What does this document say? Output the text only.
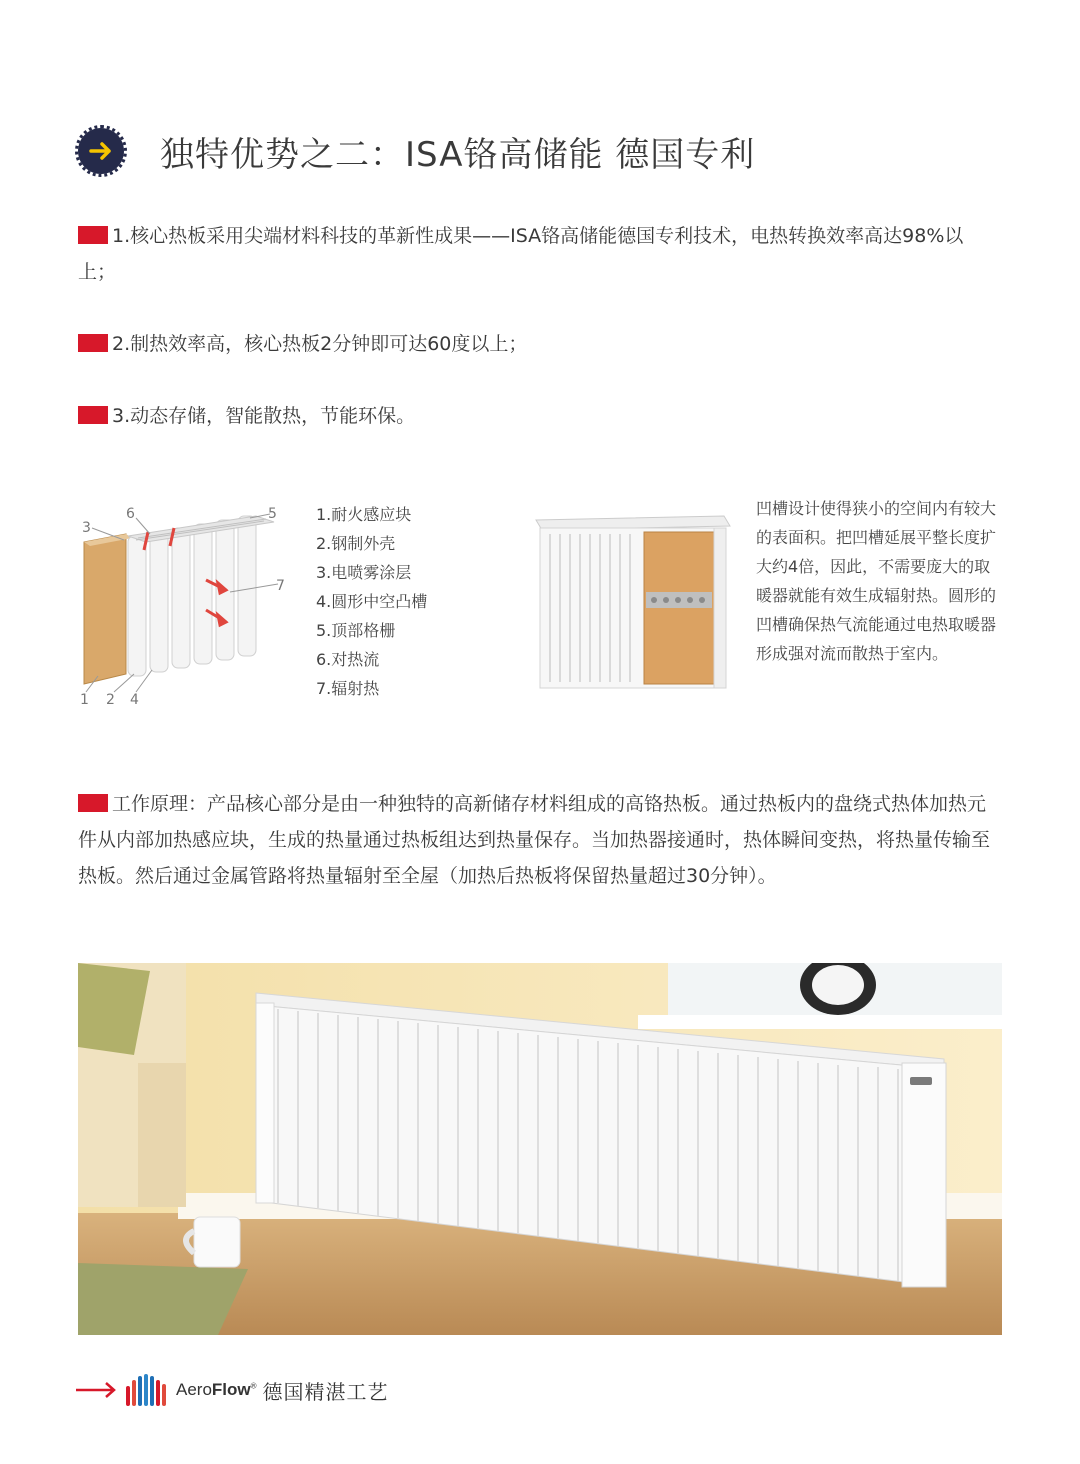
独特优势之二：ISA铬高储能 德国专利
1.核心热板采用尖端材料科技的革新性成果——ISA铬高储能德国专利技术，电热转换效率高达98%以上；
2.制热效率高，核心热板2分钟即可达60度以上；
3.动态存储，智能散热，节能环保。
3
6	5
7
1 2 4
1.耐火感应块
2.钢制外壳
3.电喷雾涂层
4.圆形中空凸槽
5.顶部格栅
6.对热流
7.辐射热
凹槽设计使得狭小的空间内有较大的表面积。把凹槽延展平整长度扩大约4倍，因此，不需要庞大的取暖器就能有效生成辐射热。圆形的凹槽确保热气流能通过电热取暖器形成强对流而散热于室内。
工作原理：产品核心部分是由一种独特的高新储存材料组成的高铬热板。通过热板内的盘绕式热体加热元件从内部加热感应块，生成的热量通过热板组达到热量保存。当加热器接通时，热体瞬间变热，将热量传输至热板。然后通过金属管路将热量辐射至全屋（加热后热板将保留热量超过30分钟）。
AeroFlow® 德国精湛工艺
